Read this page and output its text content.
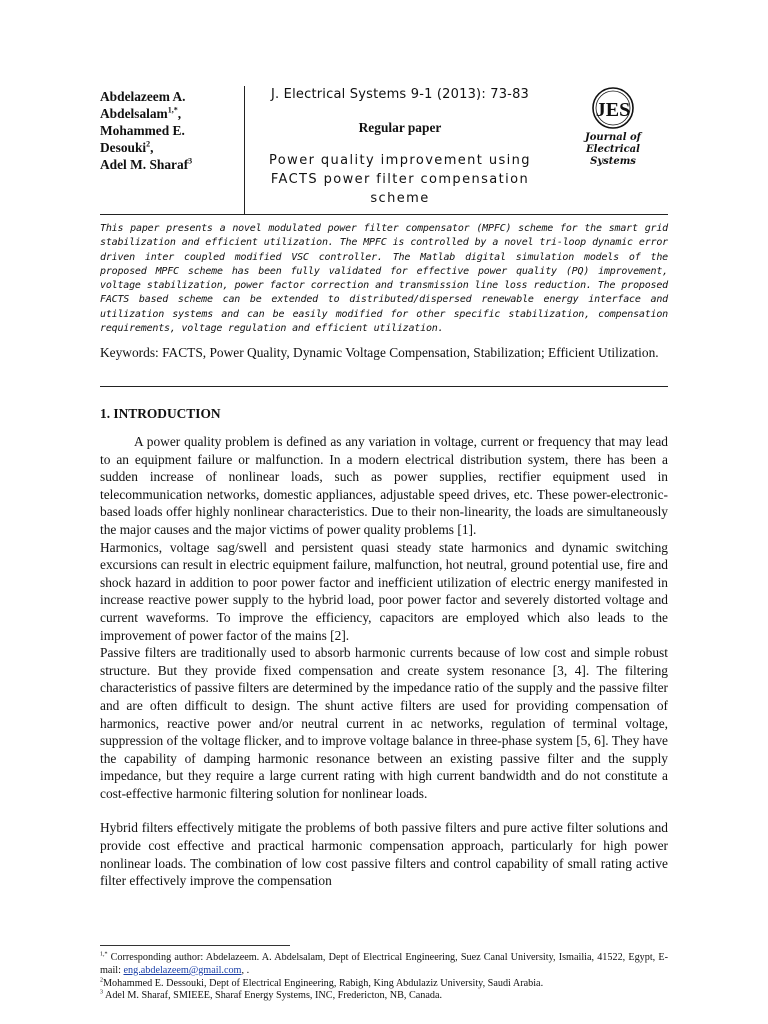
Abdelazeem A. Abdelsalam$^{1,*}$,
Mohammed E. Desouki$^2$,
Adel M. Sharaf$^3$
J. Electrical Systems 9-1 (2013): 73-83
Regular paper
Power quality improvement using FACTS power filter compensation scheme
JES
Journal of
Electrical
Systems
This paper presents a novel modulated power filter compensator (MPFC) scheme for the smart grid stabilization and efficient utilization. The MPFC is controlled by a novel tri-loop dynamic error driven inter coupled modified VSC controller. The Matlab digital simulation models of the proposed MPFC scheme has been fully validated for effective power quality (PQ) improvement, voltage stabilization, power factor correction and transmission line loss reduction. The proposed FACTS based scheme can be extended to distributed/dispersed renewable energy interface and utilization systems and can be easily modified for other specific stabilization, compensation requirements, voltage regulation and efficient utilization.
Keywords: FACTS, Power Quality, Dynamic Voltage Compensation, Stabilization; Efficient Utilization.
1. INTRODUCTION

A power quality problem is defined as any variation in voltage, current or frequency that may lead to an equipment failure or malfunction. In a modern electrical distribution system, there has been a sudden increase of nonlinear loads, such as power supplies, rectifier equipment used in telecommunication networks, domestic appliances, adjustable speed drives, etc. These power-electronic-based loads offer highly nonlinear characteristics. Due to their non-linearity, the loads are simultaneously the major causes and the major victims of power quality problems [1].

Harmonics, voltage sag/swell and persistent quasi steady state harmonics and dynamic switching excursions can result in electric equipment failure, malfunction, hot neutral, ground potential use, fire and shock hazard in addition to poor power factor and inefficient utilization of electric energy manifested in increase reactive power supply to the hybrid load, poor power factor and severely distorted voltage and current waveforms. To improve the efficiency, capacitors are employed which also leads to the improvement of power factor of the mains [2].

Passive filters are traditionally used to absorb harmonic currents because of low cost and simple robust structure. But they provide fixed compensation and create system resonance [3, 4]. The filtering characteristics of passive filters are determined by the impedance ratio of the supply and the passive filter and are often difficult to design. The shunt active filters are used for providing compensation of harmonics, reactive power and/or neutral current in ac networks, regulation of terminal voltage, suppression of the voltage flicker, and to improve voltage balance in three-phase system [5, 6]. They have the capability of damping harmonic resonance between an existing passive filter and the supply impedance, but they require a large current rating with high current bandwidth and do not constitute a cost-effective harmonic filtering solution for nonlinear loads.

Hybrid filters effectively mitigate the problems of both passive filters and pure active filter solutions and provide cost effective and practical harmonic compensation approach, particularly for high power nonlinear loads. The combination of low cost passive filters and control capability of small rating active filter effectively improve the compensation

$^{1,*}$ Corresponding author: Abdelazeem. A. Abdelsalam, Dept of Electrical Engineering, Suez Canal University, Ismailia, 41522, Egypt, E-mail: eng.abdelazeem@gmail.com, .
$^2$Mohammed E. Dessouki, Dept of Electrical Engineering, Rabigh, King Abdulaziz University, Saudi Arabia.
$^3$ Adel M. Sharaf, SMIEEE, Sharaf Energy Systems, INC, Fredericton, NB, Canada.
